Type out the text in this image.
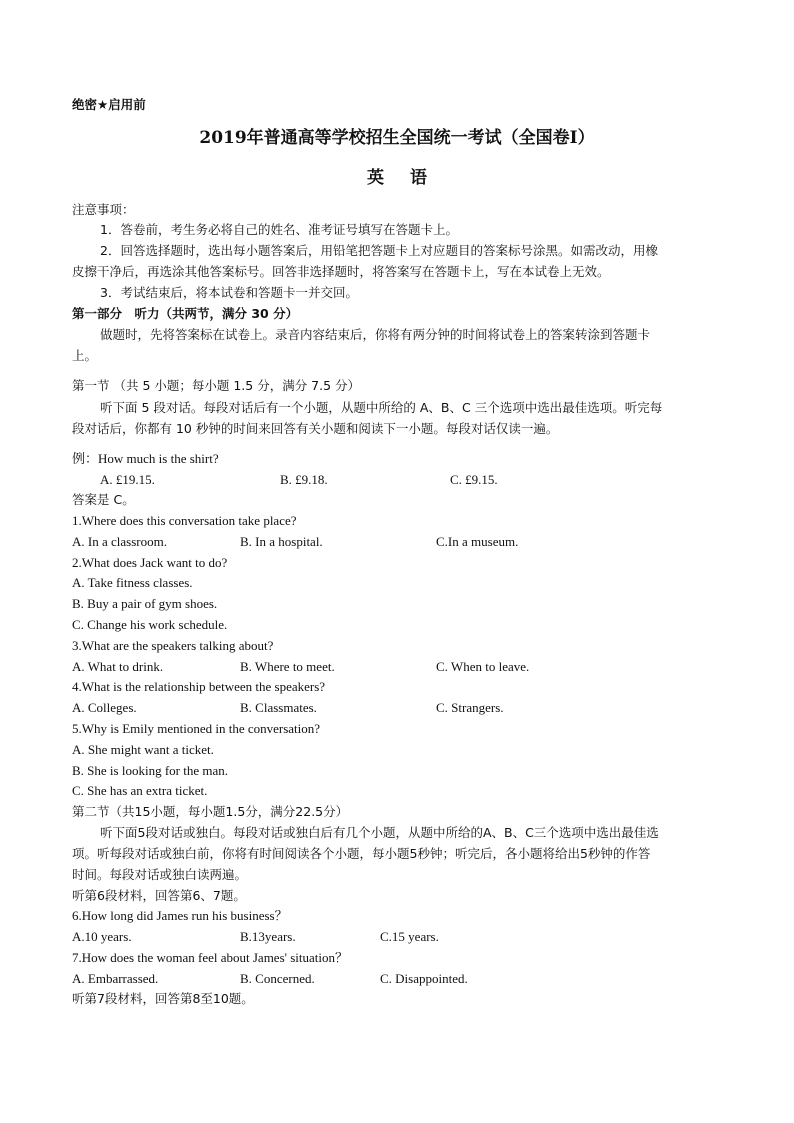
绝密★启用前
2019年普通高等学校招生全国统一考试（全国卷I）
英语
注意事项：
1．答卷前，考生务必将自己的姓名、准考证号填写在答题卡上。
2．回答选择题时，选出每小题答案后，用铅笔把答题卡上对应题目的答案标号涂黑。如需改动，用橡
皮擦干净后，再选涂其他答案标号。回答非选择题时，将答案写在答题卡上，写在本试卷上无效。
3．考试结束后，将本试卷和答题卡一并交回。
第一部分　听力（共两节，满分 30 分）
做题时，先将答案标在试卷上。录音内容结束后，你将有两分钟的时间将试卷上的答案转涂到答题卡
上。
第一节 （共 5 小题；每小题 1.5 分，满分 7.5 分）
听下面 5 段对话。每段对话后有一个小题，从题中所给的 A、B、C 三个选项中选出最佳选项。听完每
段对话后，你都有 10 秒钟的时间来回答有关小题和阅读下一小题。每段对话仅读一遍。
例：How much is the shirt?
A. £19.15.	B. £9.18.	C. £9.15.
答案是 C。
1.Where does this conversation take place?
A. In a classroom.	B. In a hospital.	C.In a museum.
2.What does Jack want to do?
A. Take fitness classes.
B. Buy a pair of gym shoes.
C. Change his work schedule.
3.What are the speakers talking about?
A. What to drink.	B. Where to meet.	C. When to leave.
4.What is the relationship between the speakers?
A. Colleges.	B. Classmates.	C. Strangers.
5.Why is Emily mentioned in the conversation?
A. She might want a ticket.
B. She is looking for the man.
C. She has an extra ticket.
第二节（共15小题，每小题1.5分，满分22.5分）
听下面5段对话或独白。每段对话或独白后有几个小题，从题中所给的A、B、C三个选项中选出最佳选
项。听每段对话或独白前，你将有时间阅读各个小题，每小题5秒钟；听完后，各小题将给出5秒钟的作答
时间。每段对话或独白读两遍。
听第6段材料，回答第6、7题。
6.How long did James run his business？
A.10 years.	B.13years.	C.15 years.
7.How does the woman feel about James' situation？
A. Embarrassed.	B. Concerned.	C. Disappointed.
听第7段材料，回答第8至10题。
